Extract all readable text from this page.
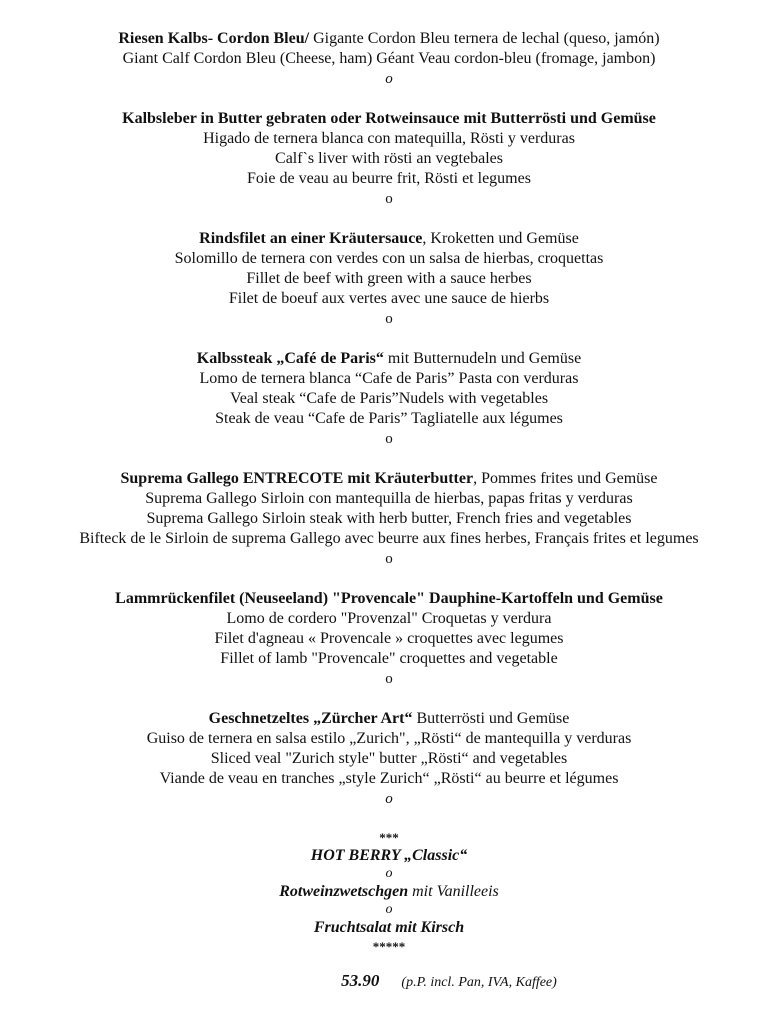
Riesen Kalbs- Cordon Bleu/ Gigante Cordon Bleu ternera de lechal (queso, jamón)
Giant Calf Cordon Bleu (Cheese, ham) Géant Veau cordon-bleu (fromage, jambon)
o
Kalbsleber in Butter gebraten oder Rotweinsauce mit Butterrösti und Gemüse
Higado de ternera blanca con matequilla, Rösti y verduras
Calf`s liver with rösti an vegtebales
Foie de veau au beurre frit, Rösti et legumes
o
Rindsfilet an einer Kräutersauce, Kroketten und Gemüse
Solomillo de ternera con verdes con un salsa de hierbas, croquettas
Fillet de beef with green with a sauce herbes
Filet de boeuf aux vertes avec une sauce de hierbs
o
Kalbssteak „Café de Paris“ mit Butternudeln und Gemüse
Lomo de ternera blanca “Cafe de Paris” Pasta con verduras
Veal steak “Cafe de Paris”Nudels with vegetables
Steak de veau “Cafe de Paris” Tagliatelle aux légumes
o
Suprema Gallego ENTRECOTE mit Kräuterbutter, Pommes frites und Gemüse
Suprema Gallego Sirloin con mantequilla de hierbas, papas fritas y verduras
Suprema Gallego Sirloin steak with herb butter, French fries and vegetables
Bifteck de le Sirloin de suprema Gallego avec beurre aux fines herbes, Français frites et legumes
o
Lammrückenfilet (Neuseeland) "Provencale" Dauphine-Kartoffeln und Gemüse
Lomo de cordero "Provenzal" Croquetas y verdura
Filet d'agneau « Provencale » croquettes avec legumes
Fillet of lamb "Provencale" croquettes and vegetable
o
Geschnetzeltes „Zürcher Art“ Butterrösti und Gemüse
Guiso de ternera en salsa estilo „Zurich", „Rösti“ de mantequilla y verduras
Sliced veal "Zurich style" butter „Rösti“ and vegetables
Viande de veau en tranches „style Zurich“ „Rösti“ au beurre et légumes
o
***
HOT BERRY „Classic“
o
Rotweinzwetschgen mit Vanilleeis
o
Fruchtsalat mit Kirsch
*****
53.90 (p.P. incl. Pan, IVA, Kaffee)
